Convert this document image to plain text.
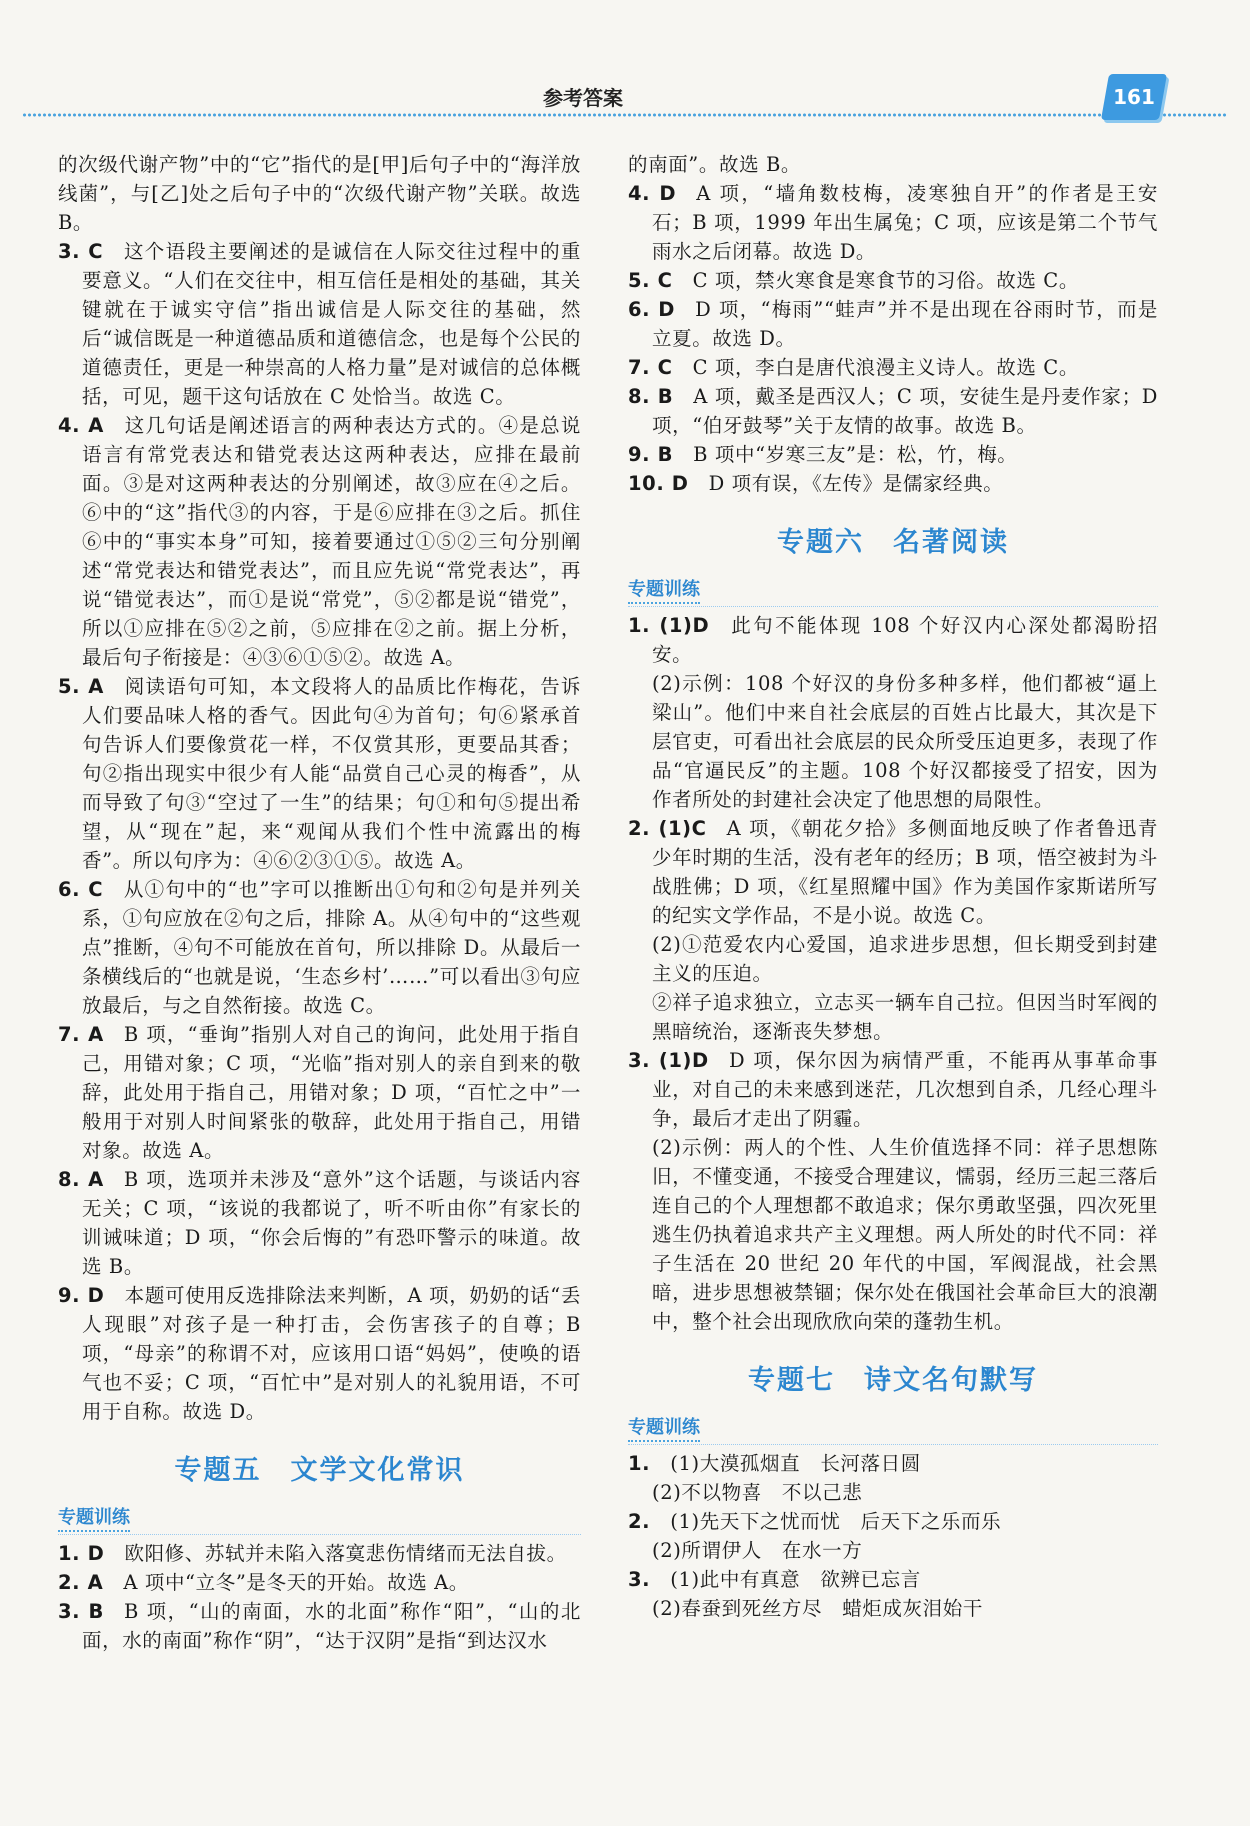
参考答案	161

的次级代谢产物”中的“它”指代的是[甲]后句子中的“海洋放线菌”，与[乙]处之后句子中的“次级代谢产物”关联。故选 B。

3. C  这个语段主要阐述的是诚信在人际交往过程中的重要意义。“人们在交往中，相互信任是相处的基础，其关键就在于诚实守信”指出诚信是人际交往的基础，然后“诚信既是一种道德品质和道德信念，也是每个公民的道德责任，更是一种崇高的人格力量”是对诚信的总体概括，可见，题干这句话放在 C 处恰当。故选 C。

4. A  这几句话是阐述语言的两种表达方式的。④是总说语言有常党表达和错党表达这两种表达，应排在最前面。③是对这两种表达的分别阐述，故③应在④之后。⑥中的“这”指代③的内容，于是⑥应排在③之后。抓住⑥中的“事实本身”可知，接着要通过①⑤②三句分别阐述“常党表达和错党表达”，而且应先说“常党表达”，再说“错觉表达”，而①是说“常党”，⑤②都是说“错党”，所以①应排在⑤②之前，⑤应排在②之前。据上分析，最后句子衔接是：④③⑥①⑤②。故选 A。

5. A  阅读语句可知，本文段将人的品质比作梅花，告诉人们要品味人格的香气。因此句④为首句；句⑥紧承首句告诉人们要像赏花一样，不仅赏其形，更要品其香；句②指出现实中很少有人能“品赏自己心灵的梅香”，从而导致了句③“空过了一生”的结果；句①和句⑤提出希望，从“现在”起，来“观闻从我们个性中流露出的梅香”。所以句序为：④⑥②③①⑤。故选 A。

6. C  从①句中的“也”字可以推断出①句和②句是并列关系，①句应放在②句之后，排除 A。从④句中的“这些观点”推断，④句不可能放在首句，所以排除 D。从最后一条横线后的“也就是说，‘生态乡村’……”可以看出③句应放最后，与之自然衔接。故选 C。

7. A  B 项，“垂询”指别人对自己的询问，此处用于指自己，用错对象；C 项，“光临”指对别人的亲自到来的敬辞，此处用于指自己，用错对象；D 项，“百忙之中”一般用于对别人时间紧张的敬辞，此处用于指自己，用错对象。故选 A。

8. A  B 项，选项并未涉及“意外”这个话题，与谈话内容无关；C 项，“该说的我都说了，听不听由你”有家长的训诫味道；D 项，“你会后悔的”有恐吓警示的味道。故选 B。

9. D  本题可使用反选排除法来判断，A 项，奶奶的话“丢人现眼”对孩子是一种打击，会伤害孩子的自尊；B 项，“母亲”的称谓不对，应该用口语“妈妈”，使唤的语气也不妥；C 项，“百忙中”是对别人的礼貌用语，不可用于自称。故选 D。

专题五　文学文化常识
专题训练

1. D  欧阳修、苏轼并未陷入落寞悲伤情绪而无法自拔。

2. A  A 项中“立冬”是冬天的开始。故选 A。

3. B  B 项，“山的南面，水的北面”称作“阳”，“山的北面，水的南面”称作“阴”，“达于汉阴”是指“到达汉水

的南面”。故选 B。

4. D  A 项，“墙角数枝梅，凌寒独自开”的作者是王安石；B 项，1999 年出生属兔；C 项，应该是第二个节气雨水之后闭幕。故选 D。

5. C  C 项，禁火寒食是寒食节的习俗。故选 C。

6. D  D 项，“梅雨”“蛙声”并不是出现在谷雨时节，而是立夏。故选 D。

7. C  C 项，李白是唐代浪漫主义诗人。故选 C。

8. B  A 项，戴圣是西汉人；C 项，安徒生是丹麦作家；D 项，“伯牙鼓琴”关于友情的故事。故选 B。

9. B  B 项中“岁寒三友”是：松，竹，梅。

10. D  D 项有误，《左传》是儒家经典。

专题六　名著阅读
专题训练

1. (1)D  此句不能体现 108 个好汉内心深处都渴盼招安。

(2)示例：108 个好汉的身份多种多样，他们都被“逼上梁山”。他们中来自社会底层的百姓占比最大，其次是下层官吏，可看出社会底层的民众所受压迫更多，表现了作品“官逼民反”的主题。108 个好汉都接受了招安，因为作者所处的封建社会决定了他思想的局限性。

2. (1)C  A 项，《朝花夕拾》多侧面地反映了作者鲁迅青少年时期的生活，没有老年的经历；B 项，悟空被封为斗战胜佛；D 项，《红星照耀中国》作为美国作家斯诺所写的纪实文学作品，不是小说。故选 C。

(2)①范爱农内心爱国，追求进步思想，但长期受到封建主义的压迫。

②祥子追求独立，立志买一辆车自己拉。但因当时军阀的黑暗统治，逐渐丧失梦想。

3. (1)D  D 项，保尔因为病情严重，不能再从事革命事业，对自己的未来感到迷茫，几次想到自杀，几经心理斗争，最后才走出了阴霾。

(2)示例：两人的个性、人生价值选择不同：祥子思想陈旧，不懂变通，不接受合理建议，懦弱，经历三起三落后连自己的个人理想都不敢追求；保尔勇敢坚强，四次死里逃生仍执着追求共产主义理想。两人所处的时代不同：祥子生活在 20 世纪 20 年代的中国，军阀混战，社会黑暗，进步思想被禁锢；保尔处在俄国社会革命巨大的浪潮中，整个社会出现欣欣向荣的蓬勃生机。

专题七　诗文名句默写
专题训练

1.  (1)大漠孤烟直　长河落日圆

(2)不以物喜　不以己悲

2.  (1)先天下之忧而忧　后天下之乐而乐

(2)所谓伊人　在水一方

3.  (1)此中有真意　欲辨已忘言

(2)春蚕到死丝方尽　蜡炬成灰泪始干
